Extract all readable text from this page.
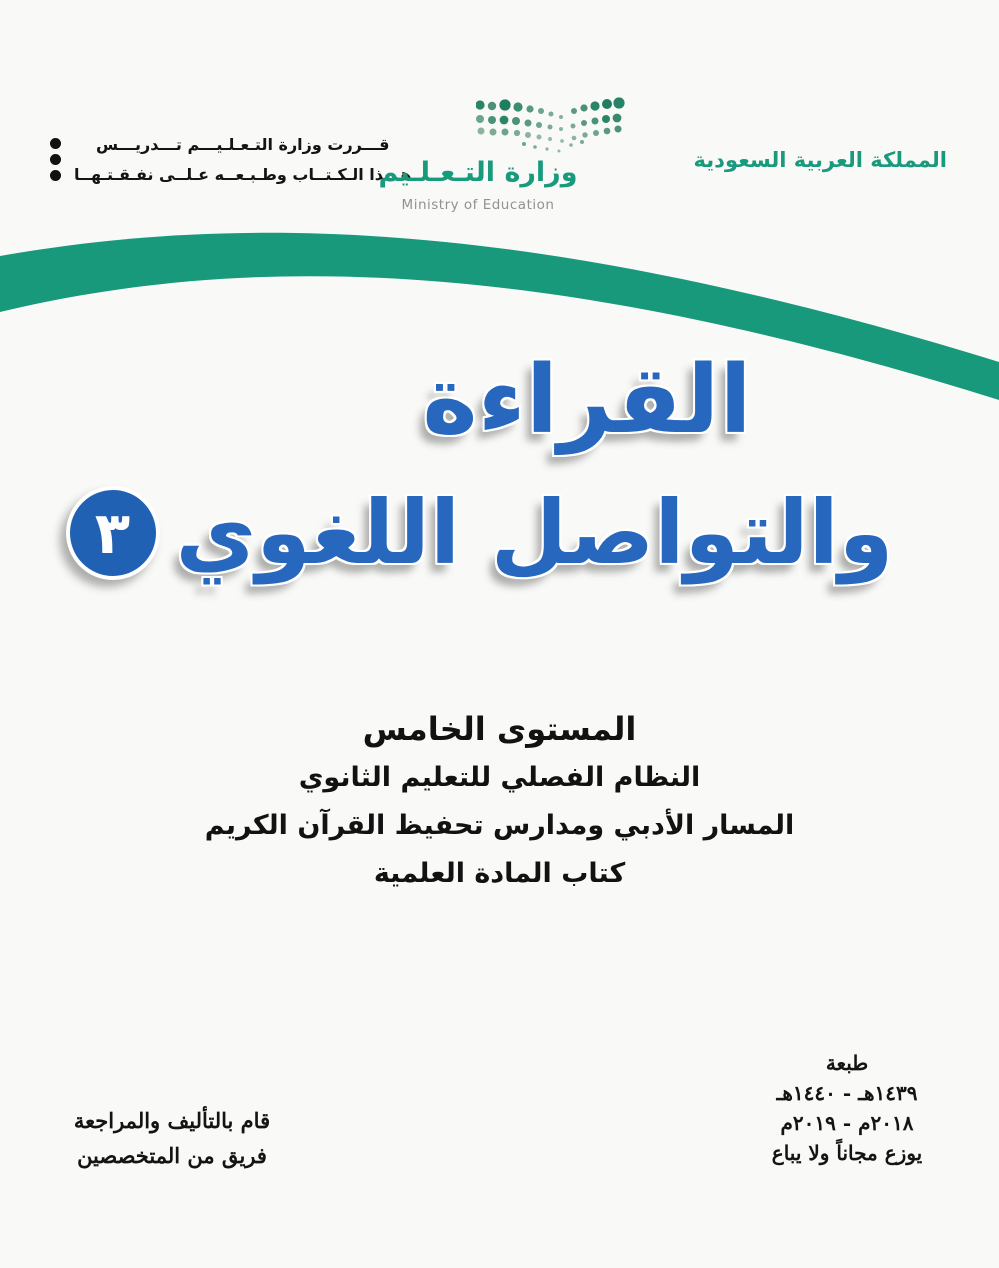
قـــررت وزارة التـعـلـيـــم تـــدريـــس
هـــذا الـكـتــاب وطـبـعــه عـلــى نفـقـتـهــا
وزارة التـعـلـيم
Ministry of Education
المملكة العربية السعودية
القراءة
والتواصل اللغوي
٣
المستوى الخامس
النظام الفصلي للتعليم الثانوي
المسار الأدبي ومدارس تحفيظ القرآن الكريم
كتاب المادة العلمية
طبعة
١٤٣٩هـ - ١٤٤٠هـ
٢٠١٨م - ٢٠١٩م
يوزع مجاناً ولا يباع
قام بالتأليف والمراجعة
فريق من المتخصصين
